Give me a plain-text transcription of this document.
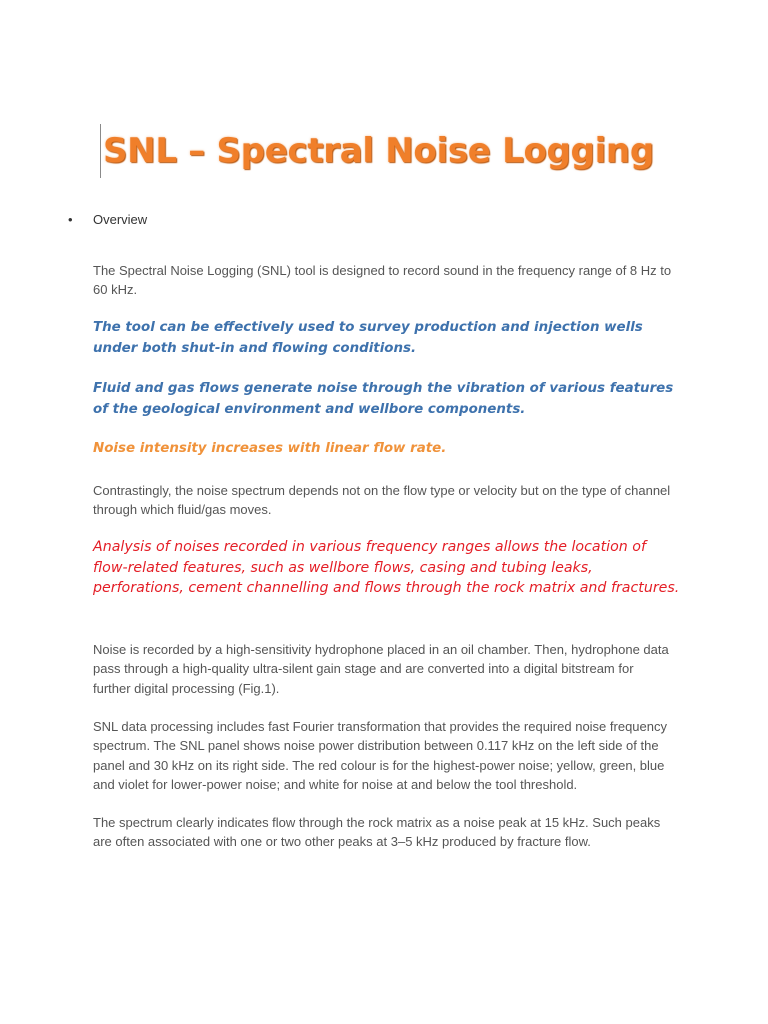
SNL – Spectral Noise Logging
• Overview

The Spectral Noise Logging (SNL) tool is designed to record sound in the frequency range of 8 Hz to 60 kHz.

The tool can be effectively used to survey production and injection wells under both shut-in and flowing conditions.

Fluid and gas flows generate noise through the vibration of various features of the geological environment and wellbore components.

Noise intensity increases with linear flow rate.

Contrastingly, the noise spectrum depends not on the flow type or velocity but on the type of channel through which fluid/gas moves.

Analysis of noises recorded in various frequency ranges allows the location of flow-related features, such as wellbore flows, casing and tubing leaks, perforations, cement channelling and flows through the rock matrix and fractures.

Noise is recorded by a high-sensitivity hydrophone placed in an oil chamber. Then, hydrophone data pass through a high-quality ultra-silent gain stage and are converted into a digital bitstream for further digital processing (Fig.1).

SNL data processing includes fast Fourier transformation that provides the required noise frequency spectrum. The SNL panel shows noise power distribution between 0.117 kHz on the left side of the panel and 30 kHz on its right side. The red colour is for the highest-power noise; yellow, green, blue and violet for lower-power noise; and white for noise at and below the tool threshold.

The spectrum clearly indicates flow through the rock matrix as a noise peak at 15 kHz. Such peaks are often associated with one or two other peaks at 3–5 kHz produced by fracture flow.
